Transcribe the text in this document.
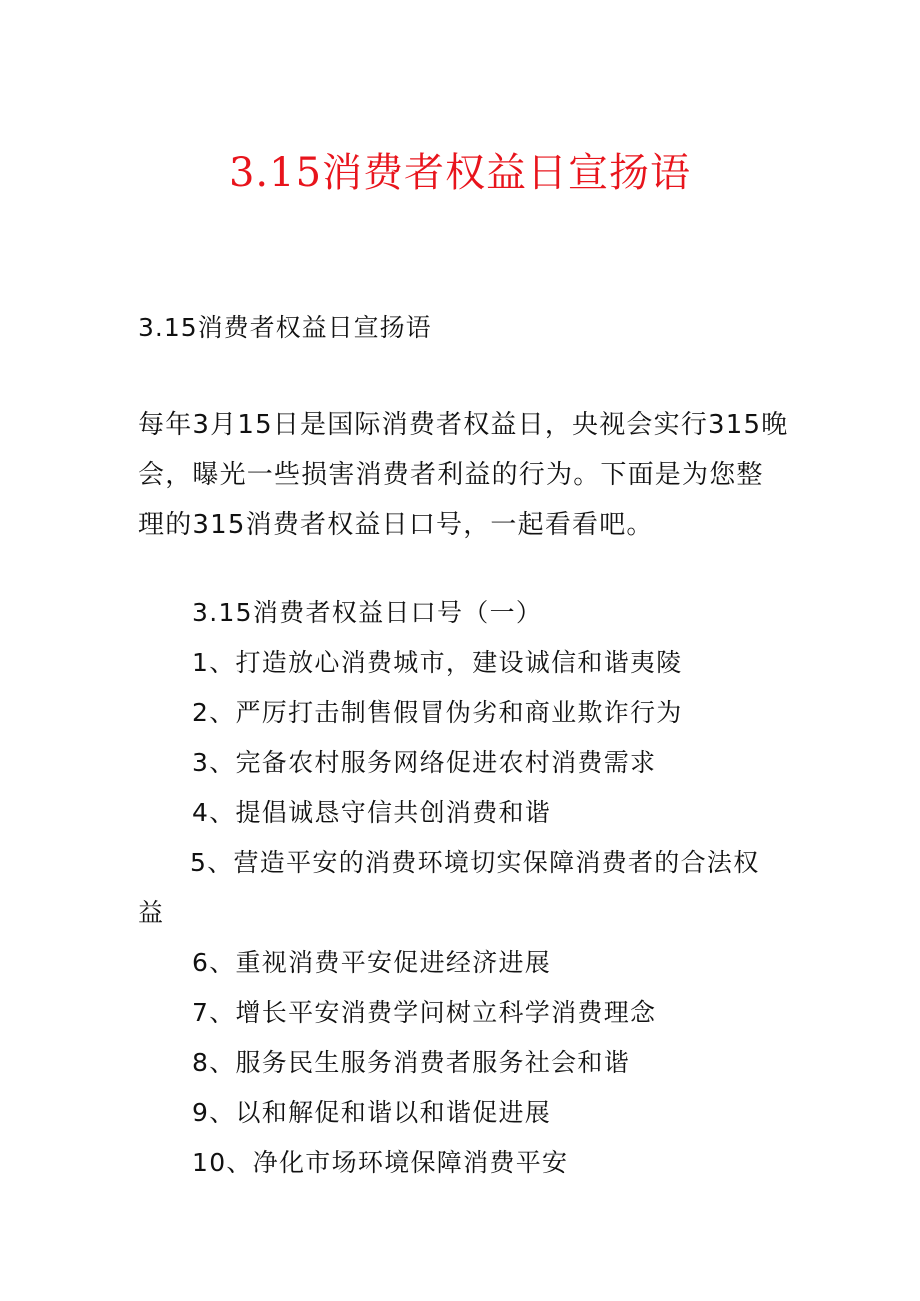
3.15消费者权益日宣扬语
3.15消费者权益日宣扬语
每年3月15日是国际消费者权益日，央视会实行315晚
会，曝光一些损害消费者利益的行为。下面是为您整
理的315消费者权益日口号，一起看看吧。
3.15消费者权益日口号（一）
1、打造放心消费城市，建设诚信和谐夷陵
2、严厉打击制售假冒伪劣和商业欺诈行为
3、完备农村服务网络促进农村消费需求
4、提倡诚恳守信共创消费和谐
5、营造平安的消费环境切实保障消费者的合法权
益
6、重视消费平安促进经济进展
7、增长平安消费学问树立科学消费理念
8、服务民生服务消费者服务社会和谐
9、以和解促和谐以和谐促进展
10、净化市场环境保障消费平安
